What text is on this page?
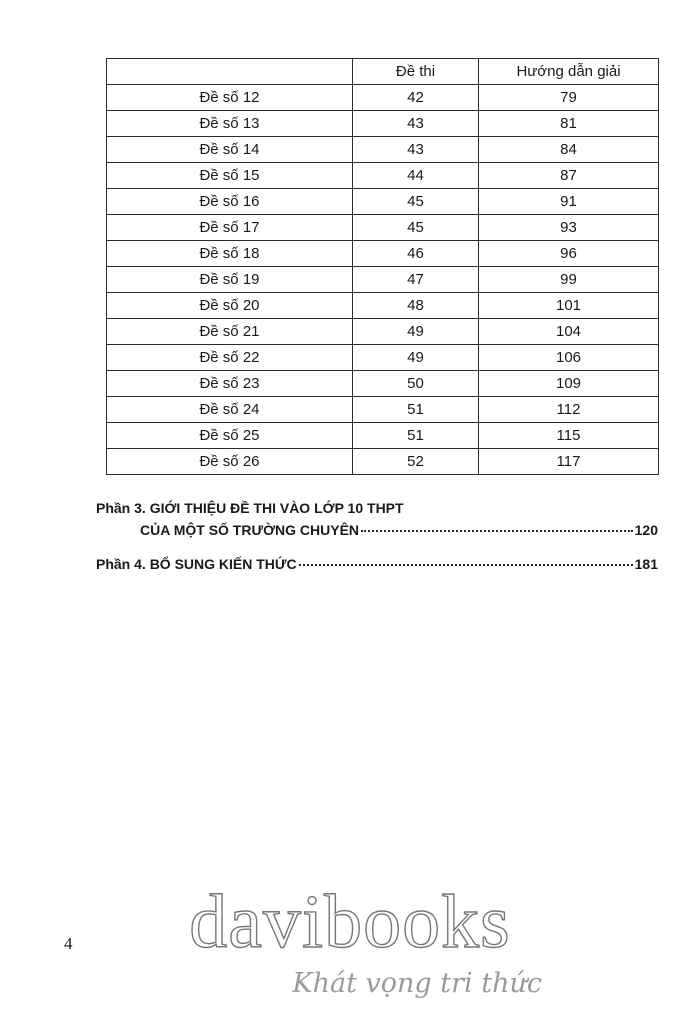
	Đề thi	Hướng dẫn giải
Đề số 12	42	79
Đề số 13	43	81
Đề số 14	43	84
Đề số 15	44	87
Đề số 16	45	91
Đề số 17	45	93
Đề số 18	46	96
Đề số 19	47	99
Đề số 20	48	101
Đề số 21	49	104
Đề số 22	49	106
Đề số 23	50	109
Đề số 24	51	112
Đề số 25	51	115
Đề số 26	52	117
Phần 3.
GIỚI THIỆU ĐỀ THI VÀO LỚP 10 THPT
CỦA MỘT SỐ TRƯỜNG CHUYÊN	120
Phần 4.
BỔ SUNG KIẾN THỨC	181
4	davibooks
Khát vọng tri thức
